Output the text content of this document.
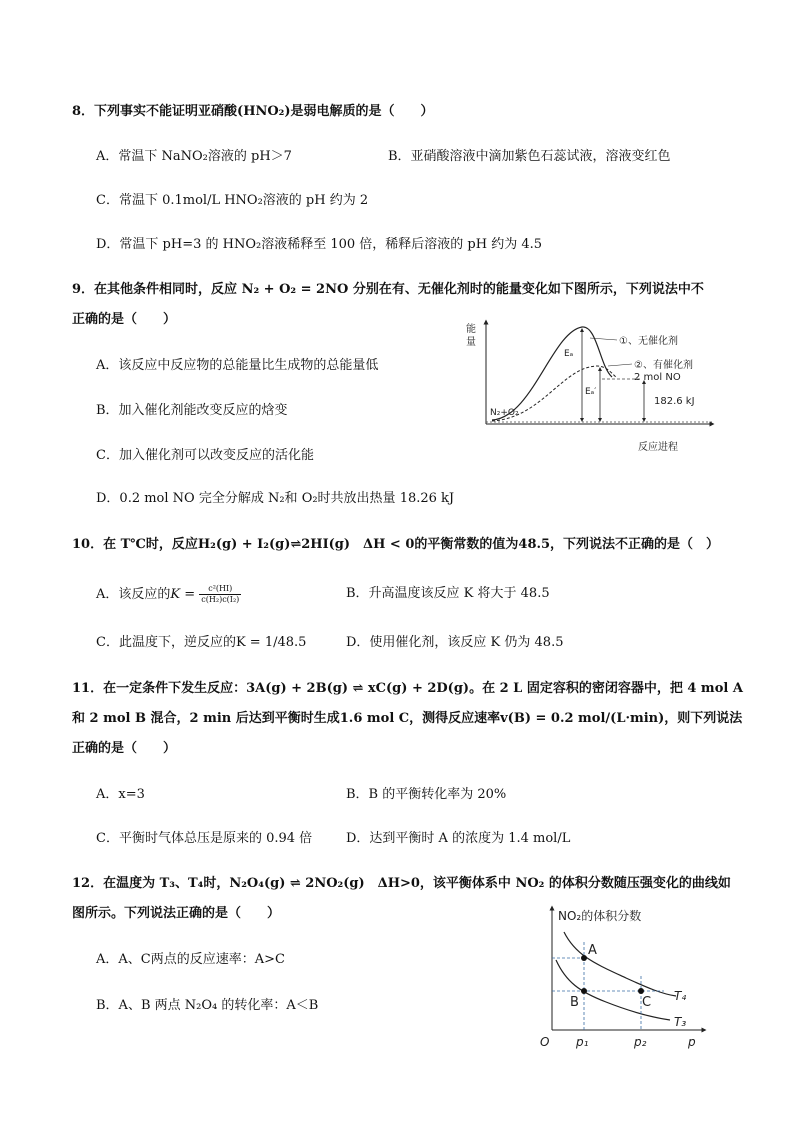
8．下列事实不能证明亚硝酸(HNO₂)是弱电解质的是（　　）
A．常温下 NaNO₂溶液的 pH＞7	B．亚硝酸溶液中滴加紫色石蕊试液，溶液变红色
C．常温下 0.1mol/L HNO₂溶液的 pH 约为 2
D．常温下 pH=3 的 HNO₂溶液稀释至 100 倍，稀释后溶液的 pH 约为 4.5
9．在其他条件相同时，反应 N₂ + O₂ = 2NO 分别在有、无催化剂时的能量变化如下图所示，下列说法中不
正确的是（　　）
A．该反应中反应物的总能量比生成物的总能量低
B．加入催化剂能改变反应的焓变
C．加入催化剂可以改变反应的活化能
D．0.2 mol NO 完全分解成 N₂和 O₂时共放出热量 18.26 kJ
能
量
反应进程
Eₐ
Eₐ′
①、无催化剂
②、有催化剂
2 mol NO
182.6 kJ
N₂+O₂
10．在 T℃时，反应H₂(g) + I₂(g)⇌2HI(g)　ΔH < 0的平衡常数的值为48.5，下列说法不正确的是（　）
A．该反应的$K = \frac{\text{c²(HI)}}{\text{c(H₂)c(I₂)}}$	B．升高温度该反应 K 将大于 48.5
C．此温度下，逆反应的K = 1/48.5	D．使用催化剂，该反应 K 仍为 48.5
11．在一定条件下发生反应：3A(g) + 2B(g) ⇌ xC(g) + 2D(g)。在 2 L 固定容积的密闭容器中，把 4 mol A
和 2 mol B 混合，2 min 后达到平衡时生成1.6 mol C，测得反应速率v(B) = 0.2 mol/(L·min)，则下列说法
正确的是（　　）
A．x=3	B．B 的平衡转化率为 20%
C．平衡时气体总压是原来的 0.94 倍	D．达到平衡时 A 的浓度为 1.4 mol/L
12．在温度为 T₃、T₄时，N₂O₄(g) ⇌ 2NO₂(g)　ΔH>0，该平衡体系中 NO₂ 的体积分数随压强变化的曲线如
图所示。下列说法正确的是（　　）
A．A、C两点的反应速率：A>C
B．A、B 两点 N₂O₄ 的转化率：A＜B
NO₂的体积分数
O p₁	p₂	p
A
B	C T₄
T₃
